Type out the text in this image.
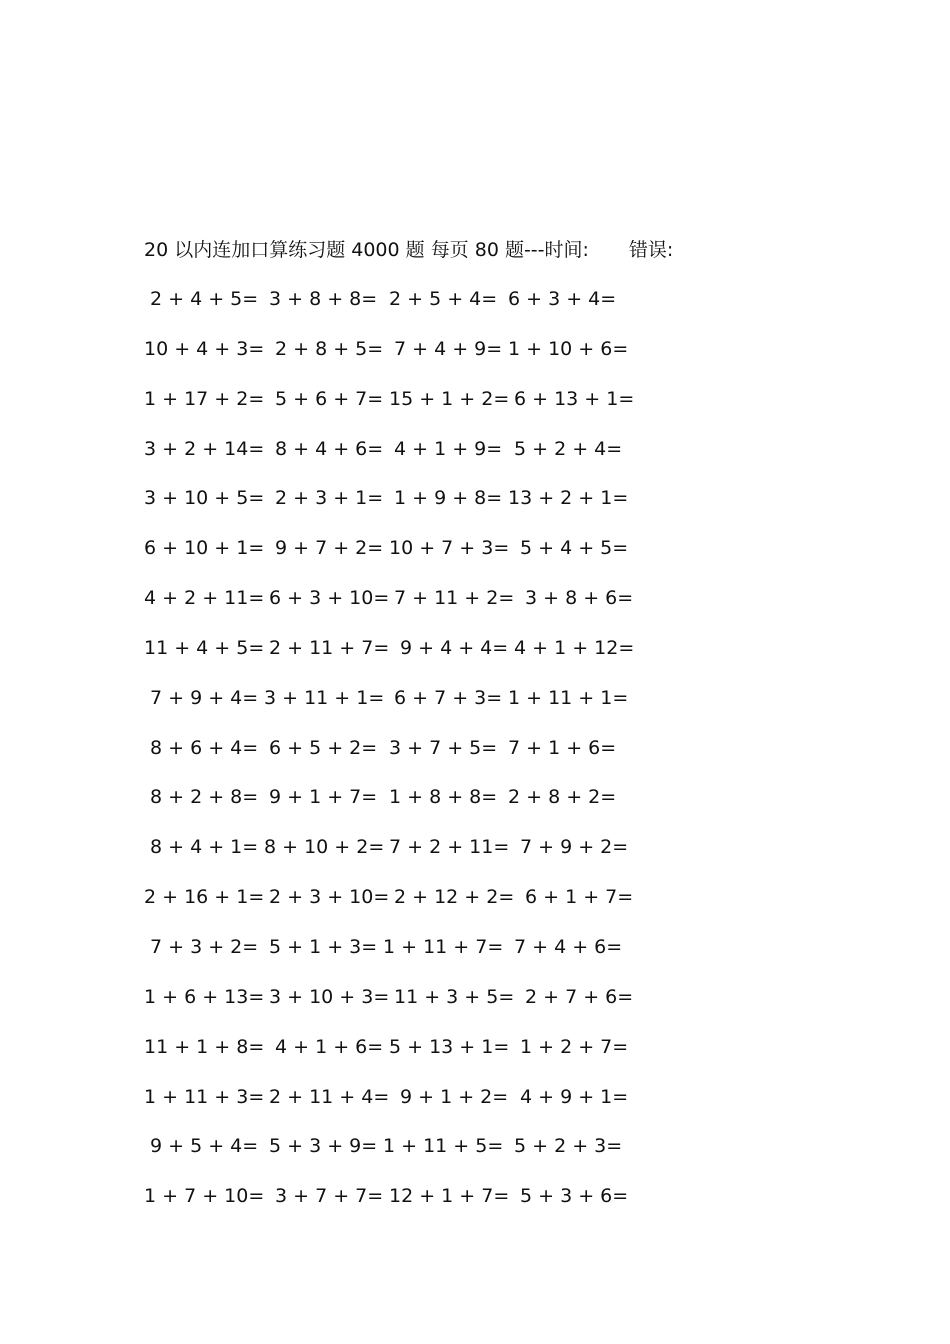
20 以内连加口算练习题 4000 题 每页 80 题---时间: 错误:
2 + 4 + 5= 3 + 8 + 8= 2 + 5 + 4= 6 + 3 + 4=
10 + 4 + 3= 2 + 8 + 5= 7 + 4 + 9= 1 + 10 + 6=
1 + 17 + 2= 5 + 6 + 7= 15 + 1 + 2= 6 + 13 + 1=
3 + 2 + 14= 8 + 4 + 6= 4 + 1 + 9= 5 + 2 + 4=
3 + 10 + 5= 2 + 3 + 1= 1 + 9 + 8= 13 + 2 + 1=
6 + 10 + 1= 9 + 7 + 2= 10 + 7 + 3= 5 + 4 + 5=
4 + 2 + 11= 6 + 3 + 10= 7 + 11 + 2= 3 + 8 + 6=
11 + 4 + 5= 2 + 11 + 7= 9 + 4 + 4= 4 + 1 + 12=
7 + 9 + 4= 3 + 11 + 1= 6 + 7 + 3= 1 + 11 + 1=
8 + 6 + 4= 6 + 5 + 2= 3 + 7 + 5= 7 + 1 + 6=
8 + 2 + 8= 9 + 1 + 7= 1 + 8 + 8= 2 + 8 + 2=
8 + 4 + 1= 8 + 10 + 2= 7 + 2 + 11= 7 + 9 + 2=
2 + 16 + 1= 2 + 3 + 10= 2 + 12 + 2= 6 + 1 + 7=
7 + 3 + 2= 5 + 1 + 3= 1 + 11 + 7= 7 + 4 + 6=
1 + 6 + 13= 3 + 10 + 3= 11 + 3 + 5= 2 + 7 + 6=
11 + 1 + 8= 4 + 1 + 6= 5 + 13 + 1= 1 + 2 + 7=
1 + 11 + 3= 2 + 11 + 4= 9 + 1 + 2= 4 + 9 + 1=
9 + 5 + 4= 5 + 3 + 9= 1 + 11 + 5= 5 + 2 + 3=
1 + 7 + 10= 3 + 7 + 7= 12 + 1 + 7= 5 + 3 + 6=
